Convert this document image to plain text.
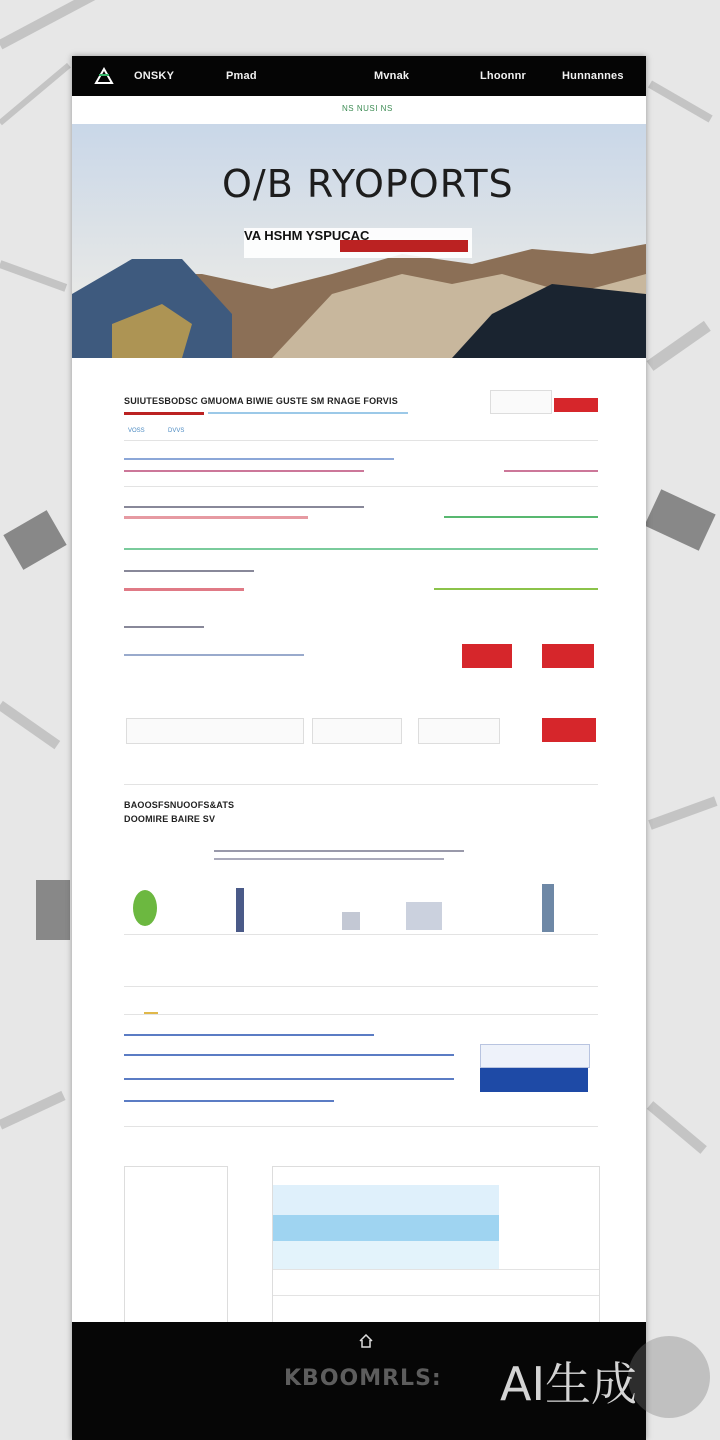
ONSKY	Pmad	Mvnak	Lhoonnr	Hunnannes
NS NUSI NS
O/B RYOPORTS
VA HSHM YSPUCAC
SUIUTESBODSC GMUOMA BIWIE GUSTE SM RNAGE FORVIS
VOSS	DVVS
BAOOSFSNUOOFS&ATS
DOOMIRE BAIRE SV
KBOOMRLS: AI生成
